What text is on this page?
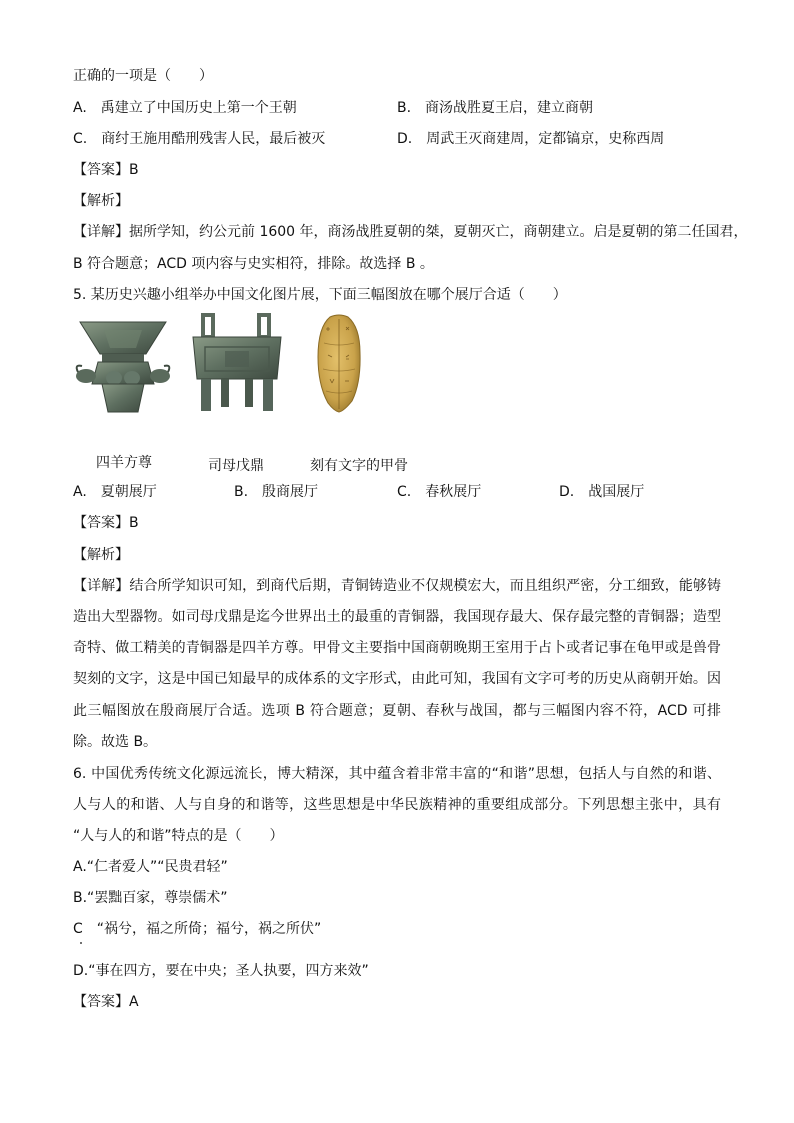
正确的一项是（　　）
A.　禹建立了中国历史上第一个王朝	B.　商汤战胜夏王启，建立商朝
C.　商纣王施用酷刑残害人民，最后被灭	D.　周武王灭商建周，定都镐京，史称西周
【答案】B
【解析】
【详解】据所学知，约公元前 1600 年，商汤战胜夏朝的桀，夏朝灭亡，商朝建立。启是夏朝的第二任国君，
B 符合题意；ACD 项内容与史实相符，排除。故选择 B 。
5. 某历史兴趣小组举办中国文化图片展，下面三幅图放在哪个展厅合适（　　）
四羊方尊	司母戊鼎	刻有文字的甲骨
A.　夏朝展厅	B.　殷商展厅	C.　春秋展厅	D.　战国展厅
【答案】B
【解析】
【详解】结合所学知识可知，到商代后期，青铜铸造业不仅规模宏大，而且组织严密，分工细致，能够铸
造出大型器物。如司母戊鼎是迄今世界出土的最重的青铜器，我国现存最大、保存最完整的青铜器；造型
奇特、做工精美的青铜器是四羊方尊。甲骨文主要指中国商朝晚期王室用于占卜或者记事在龟甲或是兽骨
契刻的文字，这是中国已知最早的成体系的文字形式，由此可知，我国有文字可考的历史从商朝开始。因
此三幅图放在殷商展厅合适。选项 B 符合题意；夏朝、春秋与战国，都与三幅图内容不符，ACD 可排
除。故选 B。
6. 中国优秀传统文化源远流长，博大精深，其中蕴含着非常丰富的“和谐”思想，包括人与自然的和谐、
人与人的和谐、人与自身的和谐等，这些思想是中华民族精神的重要组成部分。下列思想主张中，具有
“人与人的和谐”特点的是（　　）
A.“仁者爱人”“民贵君轻”
B.“罢黜百家，尊崇儒术”
C　“祸兮，福之所倚；福兮，祸之所伏”
D.“事在四方，要在中央；圣人执要，四方来效”
【答案】A
